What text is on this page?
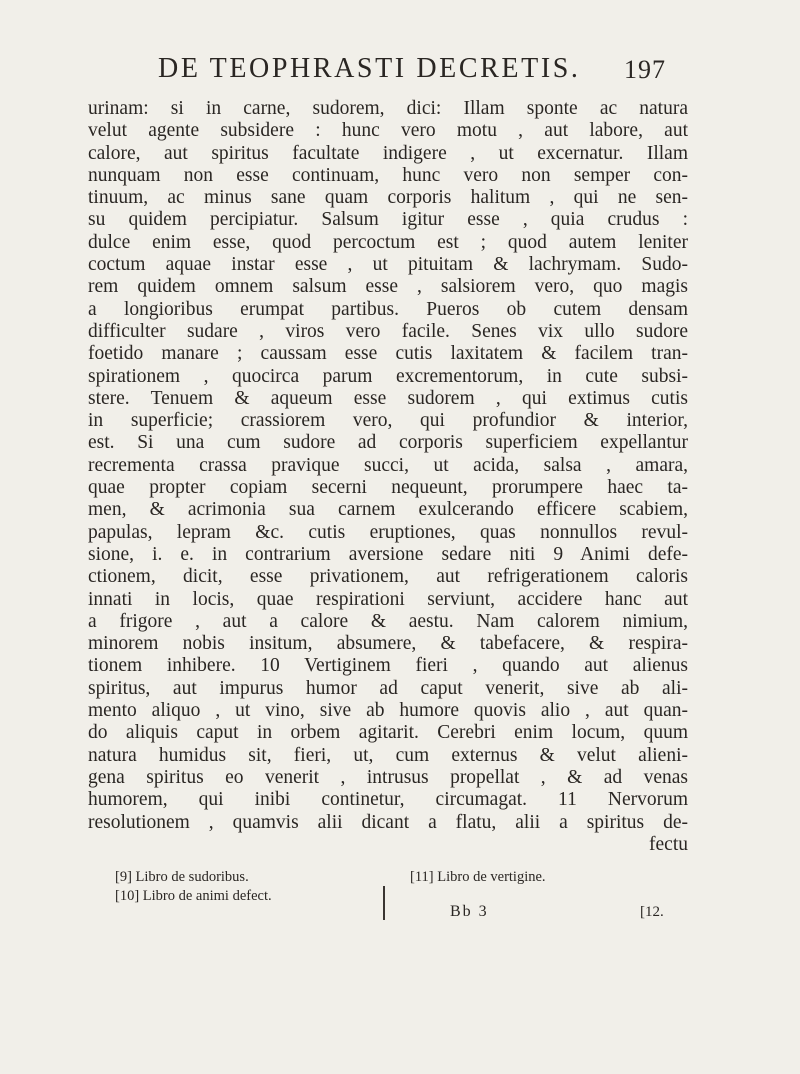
DE TEOPHRASTI DECRETIS. 197
urinam: si in carne, sudorem, dici: Illam sponte ac natura
velut agente subsidere : hunc vero motu , aut labore, aut
calore, aut spiritus facultate indigere , ut excernatur. Illam
nunquam non esse continuam, hunc vero non semper con-
tinuum, ac minus sane quam corporis halitum , qui ne sen-
su quidem percipiatur. Salsum igitur esse , quia crudus :
dulce enim esse, quod percoctum est ; quod autem leniter
coctum aquae instar esse , ut pituitam & lachrymam. Sudo-
rem quidem omnem salsum esse , salsiorem vero, quo magis
a longioribus erumpat partibus. Pueros ob cutem densam
difficulter sudare , viros vero facile. Senes vix ullo sudore
foetido manare ; caussam esse cutis laxitatem & facilem tran-
spirationem , quocirca parum excrementorum, in cute subsi-
stere. Tenuem & aqueum esse sudorem , qui extimus cutis
in superficie; crassiorem vero, qui profundior & interior,
est. Si una cum sudore ad corporis superficiem expellantur
recrementa crassa pravique succi, ut acida, salsa , amara,
quae propter copiam secerni nequeunt, prorumpere haec ta-
men, & acrimonia sua carnem exulcerando efficere scabiem,
papulas, lepram &c. cutis eruptiones, quas nonnullos revul-
sione, i. e. in contrarium aversione sedare niti 9 Animi defe-
ctionem, dicit, esse privationem, aut refrigerationem caloris
innati in locis, quae respirationi serviunt, accidere hanc aut
a frigore , aut a calore & aestu. Nam calorem nimium,
minorem nobis insitum, absumere, & tabefacere, & respira-
tionem inhibere. 10 Vertiginem fieri , quando aut alienus
spiritus, aut impurus humor ad caput venerit, sive ab ali-
mento aliquo , ut vino, sive ab humore quovis alio , aut quan-
do aliquis caput in orbem agitarit. Cerebri enim locum, quum
natura humidus sit, fieri, ut, cum externus & velut alieni-
gena spiritus eo venerit , intrusus propellat , & ad venas
humorem, qui inibi continetur, circumagat. 11 Nervorum
resolutionem , quamvis alii dicant a flatu, alii a spiritus de-
fectu
[9] Libro de sudoribus.
[10] Libro de animi defect.
[11] Libro de vertigine.
Bb 3	[12.
